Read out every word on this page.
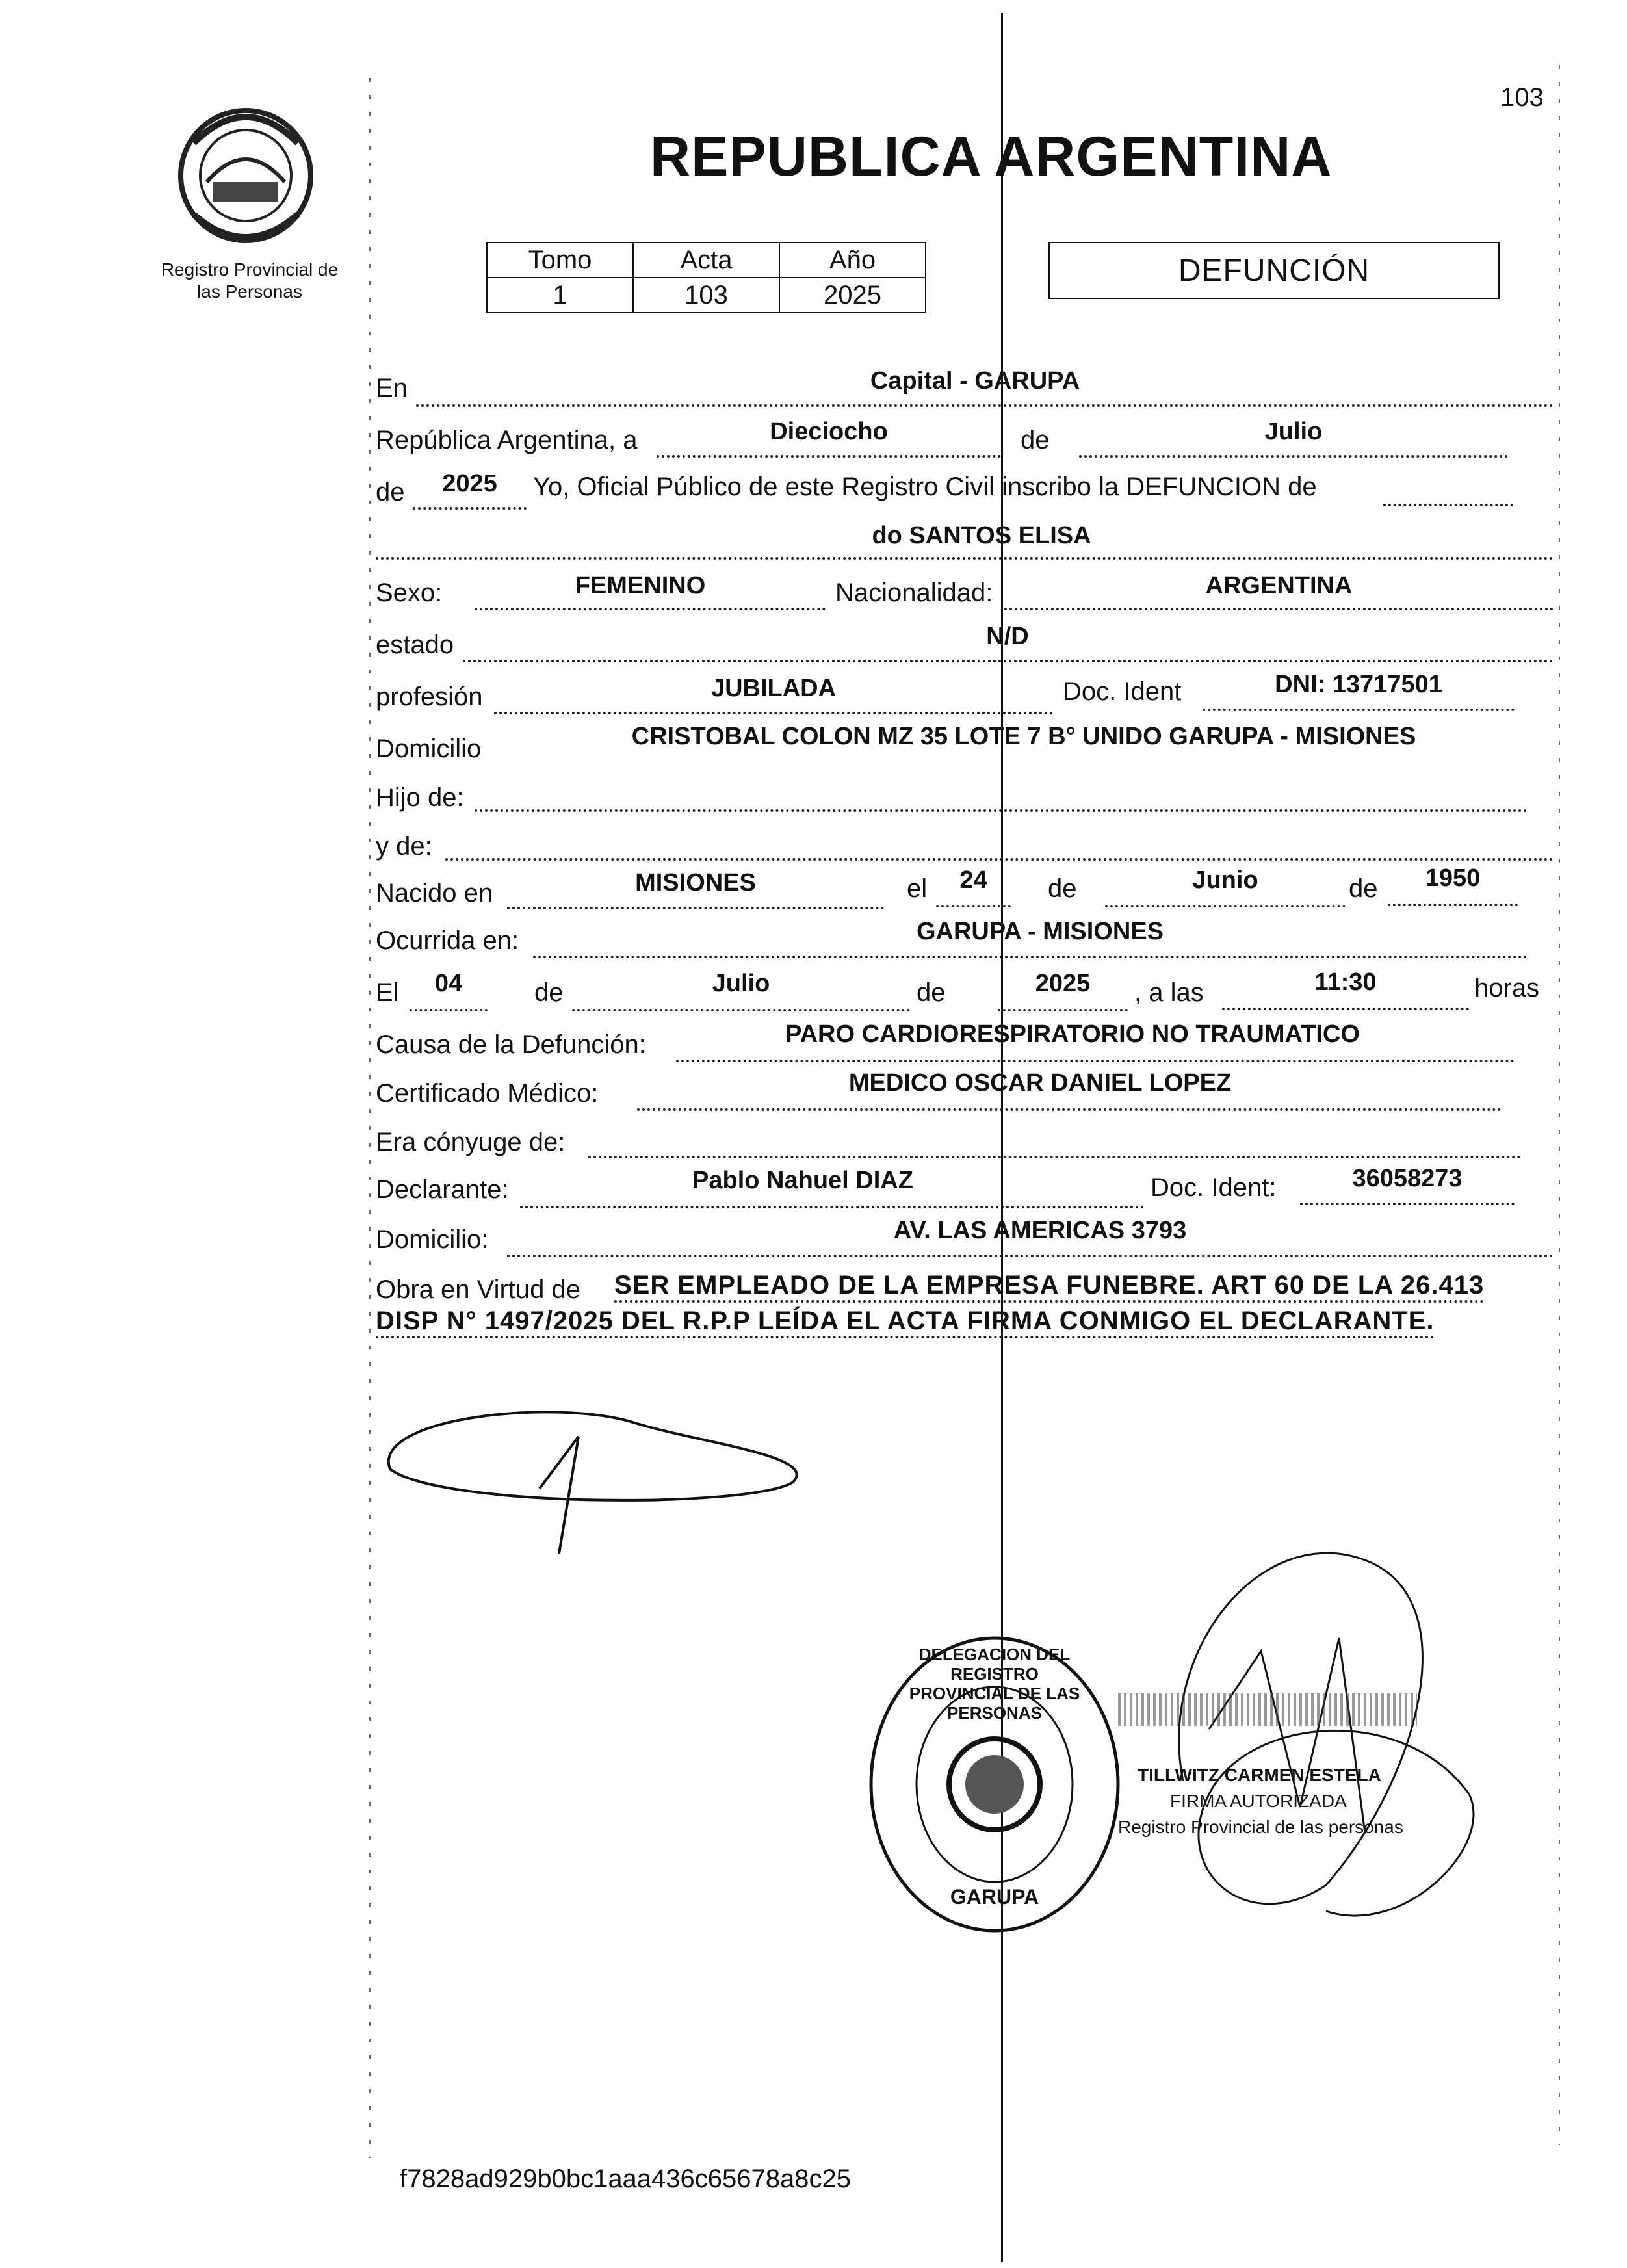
103
Registro Provincial de
las Personas
REPUBLICA ARGENTINA
Tomo	Acta	Año
1	103	2025
DEFUNCIÓN
En	Capital - GARUPA
República Argentina, a	Dieciocho	de	Julio
de	2025	Yo, Oficial Público de este Registro Civil inscribo la DEFUNCION de
do SANTOS ELISA
Sexo:	FEMENINO	Nacionalidad:	ARGENTINA
estado	N/D
profesión	JUBILADA	Doc. Ident	DNI: 13717501
Domicilio	CRISTOBAL COLON MZ 35 LOTE 7 B° UNIDO GARUPA - MISIONES
Hijo de:
y de:
Nacido en	MISIONES	el	24	de	Junio	de	1950
Ocurrida en:	GARUPA - MISIONES
El	04	de	Julio	de	2025	, a las	11:30	horas
Causa de la Defunción:	PARO CARDIORESPIRATORIO NO TRAUMATICO
Certificado Médico:	MEDICO OSCAR DANIEL LOPEZ
Era cónyuge de:
Declarante:	Pablo Nahuel DIAZ	Doc. Ident:	36058273
Domicilio:	AV. LAS AMERICAS 3793
Obra en Virtud de SER EMPLEADO DE LA EMPRESA FUNEBRE. ART 60 DE LA 26.413
DISP N° 1497/2025 DEL R.P.P LEÍDA EL ACTA FIRMA CONMIGO EL DECLARANTE.
DELEGACION DEL REGISTRO PROVINCIAL DE LAS PERSONAS
GARUPA
TILLWITZ CARMEN ESTELA
FIRMA AUTORIZADA
Registro Provincial de las personas
f7828ad929b0bc1aaa436c65678a8c25
